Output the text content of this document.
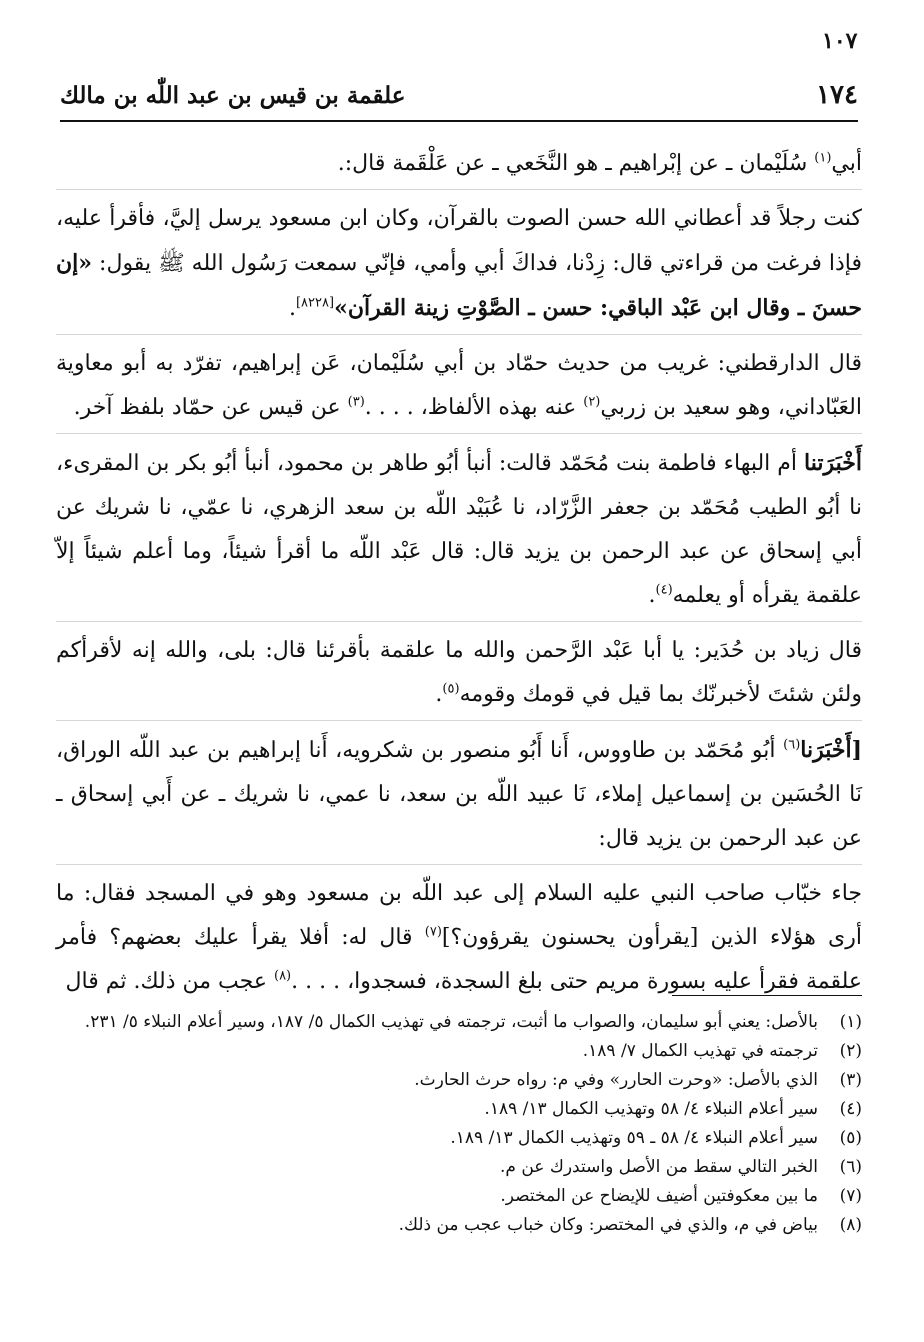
١٠٧
١٧٤
علقمة بن قيس بن عبد اللّٰه بن مالك

أبي$^{(١)}$ سُلَيْمان ـ عن إبْراهيم ـ هو النَّخَعي ـ عن عَلْقَمة قال:.

كنت رجلاً قد أعطاني الله حسن الصوت بالقرآن، وكان ابن مسعود يرسل إليَّ، فأقرأ عليه، فإذا فرغت من قراءتي قال: زِدْنا، فداكَ أبي وأمي، فإنّي سمعت رَسُول الله ﷺ يقول: «إن حسنَ ـ وقال ابن عَبْد الباقي: حسن ـ الصَّوْتِ زينة القرآن»[٨٢٢٨].

قال الدارقطني: غريب من حديث حمّاد بن أبي سُلَيْمان، عَن إبراهيم، تفرّد به أبو معاوية العَبّاداني، وهو سعيد بن زربي$^{(٢)}$ عنه بهذه الألفاظ، . . . .$^{(٣)}$ عن قيس عن حمّاد بلفظ آخر.

أَخْبَرَتنا أم البهاء فاطمة بنت مُحَمّد قالت: أنبأ أبُو طاهر بن محمود، أنبأ أبُو بكر بن المقرىء، نا أبُو الطيب مُحَمّد بن جعفر الزَّرّاد، نا عُبَيْد اللّه بن سعد الزهري، نا عمّي، نا شريك عن أبي إسحاق عن عبد الرحمن بن يزيد قال: قال عَبْد اللّه ما أقرأ شيئاً، وما أعلم شيئاً إلاّ علقمة يقرأه أو يعلمه$^{(٤)}$.

قال زياد بن حُدَير: يا أبا عَبْد الرَّحمن والله ما علقمة بأقرئنا قال: بلى، والله إنه لأقرأكم ولئن شئتَ لأخبرنّك بما قيل في قومك وقومه$^{(٥)}$.

[أَخْبَرَنا$^{(٦)}$ أبُو مُحَمّد بن طاووس، أَنا أَبُو منصور بن شكرويه، أَنا إبراهيم بن عبد اللّه الوراق، نَا الحُسَين بن إسماعيل إملاء، نَا عبيد اللّه بن سعد، نا عمي، نا شريك ـ عن أَبي إسحاق ـ عن عبد الرحمن بن يزيد قال:

جاء خبّاب صاحب النبي عليه السلام إلى عبد اللّه بن مسعود وهو في المسجد فقال: ما أرى هؤلاء الذين [يقرأون يحسنون يقرؤون؟]$^{(٧)}$ قال له: أفلا يقرأ عليك بعضهم؟ فأمر علقمة فقرأ عليه بسورة مريم حتى بلغ السجدة، فسجدوا، . . . .$^{(٨)}$ عجب من ذلك. ثم قال

(١)
بالأصل: يعني أبو سليمان، والصواب ما أثبت، ترجمته في تهذيب الكمال ٥/ ١٨٧، وسير أعلام النبلاء ٥/ ٢٣١.
(٢)
ترجمته في تهذيب الكمال ٧/ ١٨٩.
(٣)
الذي بالأصل: «وحرت الحارر» وفي م: رواه حرث الحارث.
(٤)
سير أعلام النبلاء ٤/ ٥٨ وتهذيب الكمال ١٣/ ١٨٩.
(٥)
سير أعلام النبلاء ٤/ ٥٨ ـ ٥٩ وتهذيب الكمال ١٣/ ١٨٩.
(٦)
الخبر التالي سقط من الأصل واستدرك عن م.
(٧)
ما بين معكوفتين أضيف للإيضاح عن المختصر.
(٨)
بياض في م، والذي في المختصر: وكان خباب عجب من ذلك.
